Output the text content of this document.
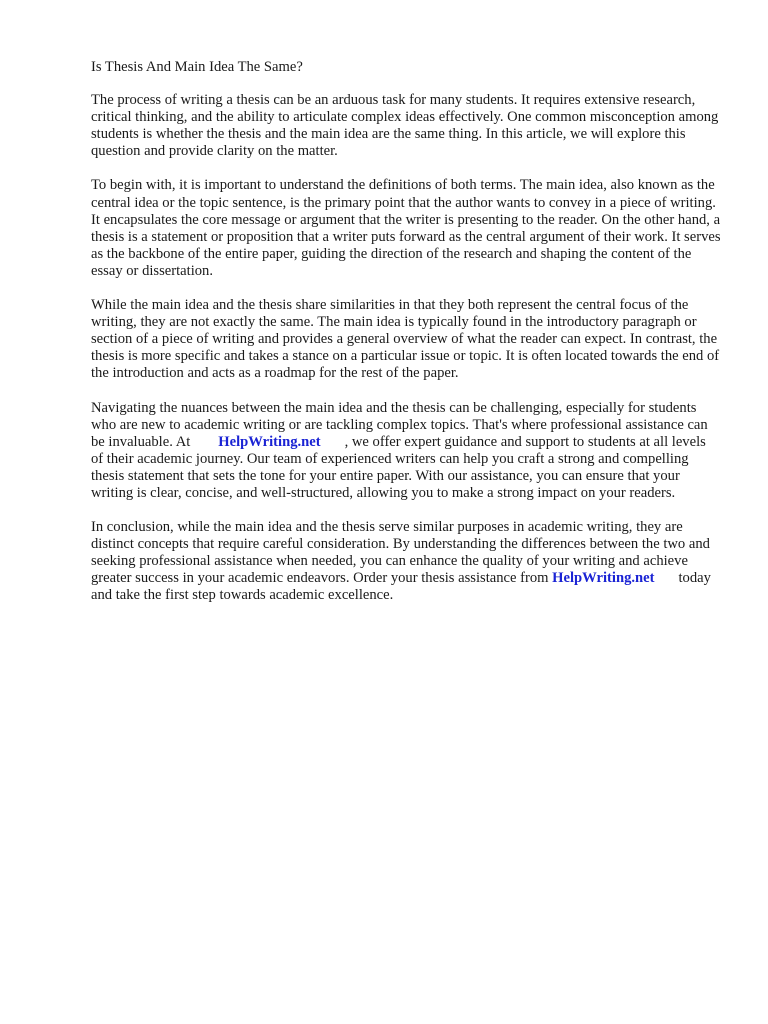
Is Thesis And Main Idea The Same?

The process of writing a thesis can be an arduous task for many students. It requires extensive research, critical thinking, and the ability to articulate complex ideas effectively. One common misconception among students is whether the thesis and the main idea are the same thing. In this article, we will explore this question and provide clarity on the matter.

To begin with, it is important to understand the definitions of both terms. The main idea, also known as the central idea or the topic sentence, is the primary point that the author wants to convey in a piece of writing. It encapsulates the core message or argument that the writer is presenting to the reader. On the other hand, a thesis is a statement or proposition that a writer puts forward as the central argument of their work. It serves as the backbone of the entire paper, guiding the direction of the research and shaping the content of the essay or dissertation.

While the main idea and the thesis share similarities in that they both represent the central focus of the writing, they are not exactly the same. The main idea is typically found in the introductory paragraph or section of a piece of writing and provides a general overview of what the reader can expect. In contrast, the thesis is more specific and takes a stance on a particular issue or topic. It is often located towards the end of the introduction and acts as a roadmap for the rest of the paper.

Navigating the nuances between the main idea and the thesis can be challenging, especially for students who are new to academic writing or are tackling complex topics. That's where professional assistance can be invaluable. At HelpWriting.net , we offer expert guidance and support to students at all levels of their academic journey. Our team of experienced writers can help you craft a strong and compelling thesis statement that sets the tone for your entire paper. With our assistance, you can ensure that your writing is clear, concise, and well-structured, allowing you to make a strong impact on your readers.

In conclusion, while the main idea and the thesis serve similar purposes in academic writing, they are distinct concepts that require careful consideration. By understanding the differences between the two and seeking professional assistance when needed, you can enhance the quality of your writing and achieve greater success in your academic endeavors. Order your thesis assistance from HelpWriting.net today and take the first step towards academic excellence.
